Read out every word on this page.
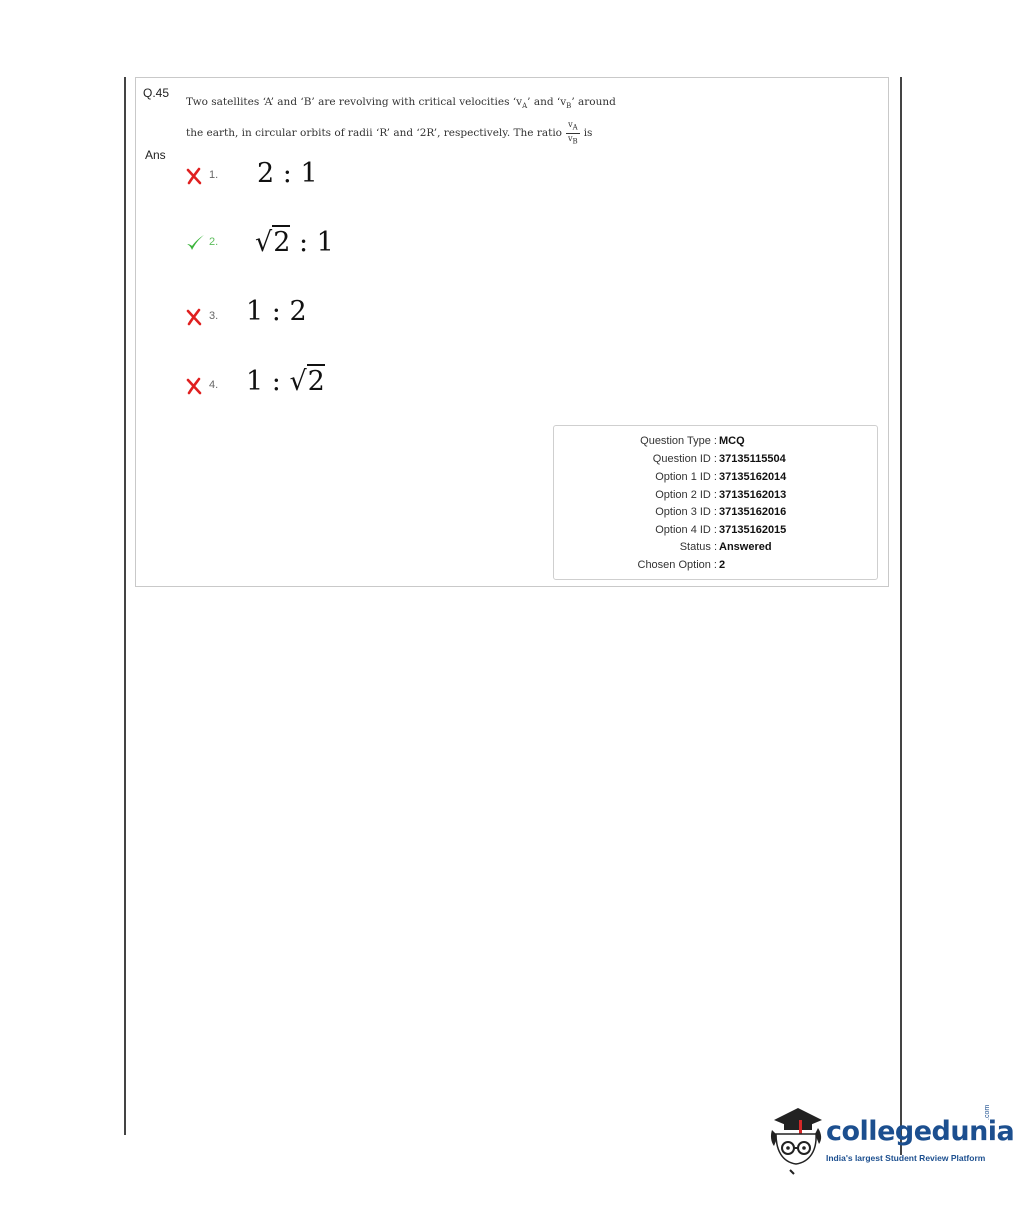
Q.45
Two satellites ‘A’ and ‘B’ are revolving with critical velocities ‘$v_A$’ and ‘$v_B$’ around
the earth, in circular orbits of radii ‘R’ and ‘2R’, respectively. The ratio $\frac{v_A}{v_B}$ is
Ans
1. 2 : 1
2. √2 : 1
3. 1 : 2
4. 1 : √2
Question Type : MCQ
Question ID : 37135115504
Option 1 ID : 37135162014
Option 2 ID : 37135162013
Option 3 ID : 37135162016
Option 4 ID : 37135162015
Status : Answered
Chosen Option : 2
collegedunia
.com
India's largest Student Review Platform
